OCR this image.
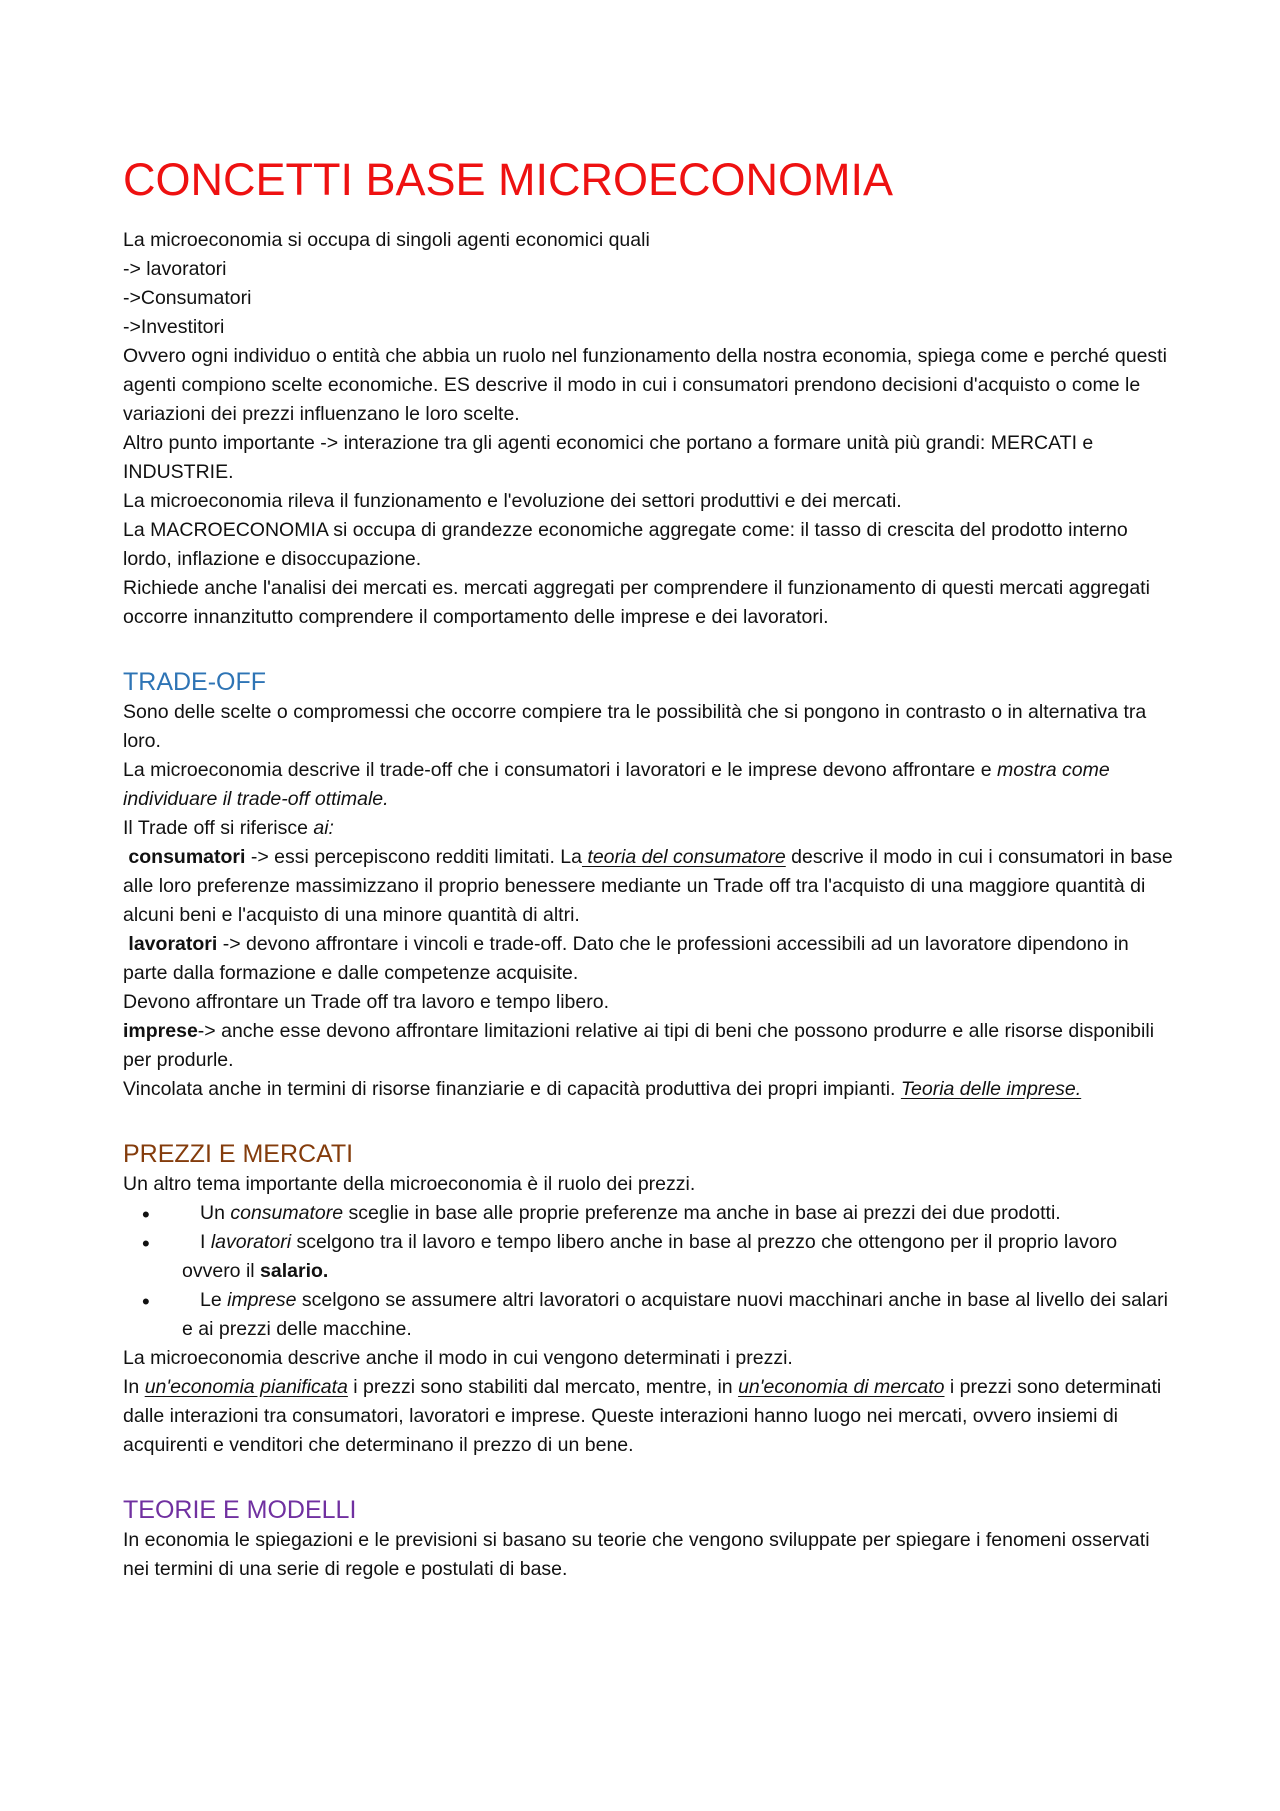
CONCETTI BASE MICROECONOMIA

La microeconomia si occupa di singoli agenti economici quali

-> lavoratori

->Consumatori

->Investitori

Ovvero ogni individuo o entità che abbia un ruolo nel funzionamento della nostra economia, spiega come e perché questi agenti compiono scelte economiche. ES descrive il modo in cui i consumatori prendono decisioni d'acquisto o come le variazioni dei prezzi influenzano le loro scelte.

Altro punto importante -> interazione tra gli agenti economici che portano a formare unità più grandi: MERCATI e INDUSTRIE.

La microeconomia rileva il funzionamento e l'evoluzione dei settori produttivi e dei mercati.

La MACROECONOMIA si occupa di grandezze economiche aggregate come: il tasso di crescita del prodotto interno lordo, inflazione e disoccupazione.

Richiede anche l'analisi dei mercati es. mercati aggregati per comprendere il funzionamento di questi mercati aggregati occorre innanzitutto comprendere il comportamento delle imprese e dei lavoratori.

TRADE-OFF

Sono delle scelte o compromessi che occorre compiere tra le possibilità che si pongono in contrasto o in alternativa tra loro.

La microeconomia descrive il trade-off che i consumatori i lavoratori e le imprese devono affrontare e mostra come individuare il trade-off ottimale.

Il Trade off si riferisce ai:

consumatori -> essi percepiscono redditi limitati. La teoria del consumatore descrive il modo in cui i consumatori in base alle loro preferenze massimizzano il proprio benessere mediante un Trade off tra l'acquisto di una maggiore quantità di alcuni beni e l'acquisto di una minore quantità di altri.

lavoratori -> devono affrontare i vincoli e trade-off. Dato che le professioni accessibili ad un lavoratore dipendono in parte dalla formazione e dalle competenze acquisite.

Devono affrontare un Trade off tra lavoro e tempo libero.

imprese-> anche esse devono affrontare limitazioni relative ai tipi di beni che possono produrre e alle risorse disponibili per produrle.

Vincolata anche in termini di risorse finanziarie e di capacità produttiva dei propri impianti. Teoria delle imprese.

PREZZI E MERCATI

Un altro tema importante della microeconomia è il ruolo dei prezzi.

•	Un consumatore sceglie in base alle proprie preferenze ma anche in base ai prezzi dei due prodotti.
•	I lavoratori scelgono tra il lavoro e tempo libero anche in base al prezzo che ottengono per il proprio lavoro ovvero il salario.
•	Le imprese scelgono se assumere altri lavoratori o acquistare nuovi macchinari anche in base al livello dei salari e ai prezzi delle macchine.

La microeconomia descrive anche il modo in cui vengono determinati i prezzi.

In un'economia pianificata i prezzi sono stabiliti dal mercato, mentre, in un'economia di mercato i prezzi sono determinati dalle interazioni tra consumatori, lavoratori e imprese. Queste interazioni hanno luogo nei mercati, ovvero insiemi di acquirenti e venditori che determinano il prezzo di un bene.

TEORIE E MODELLI

In economia le spiegazioni e le previsioni si basano su teorie che vengono sviluppate per spiegare i fenomeni osservati nei termini di una serie di regole e postulati di base.
